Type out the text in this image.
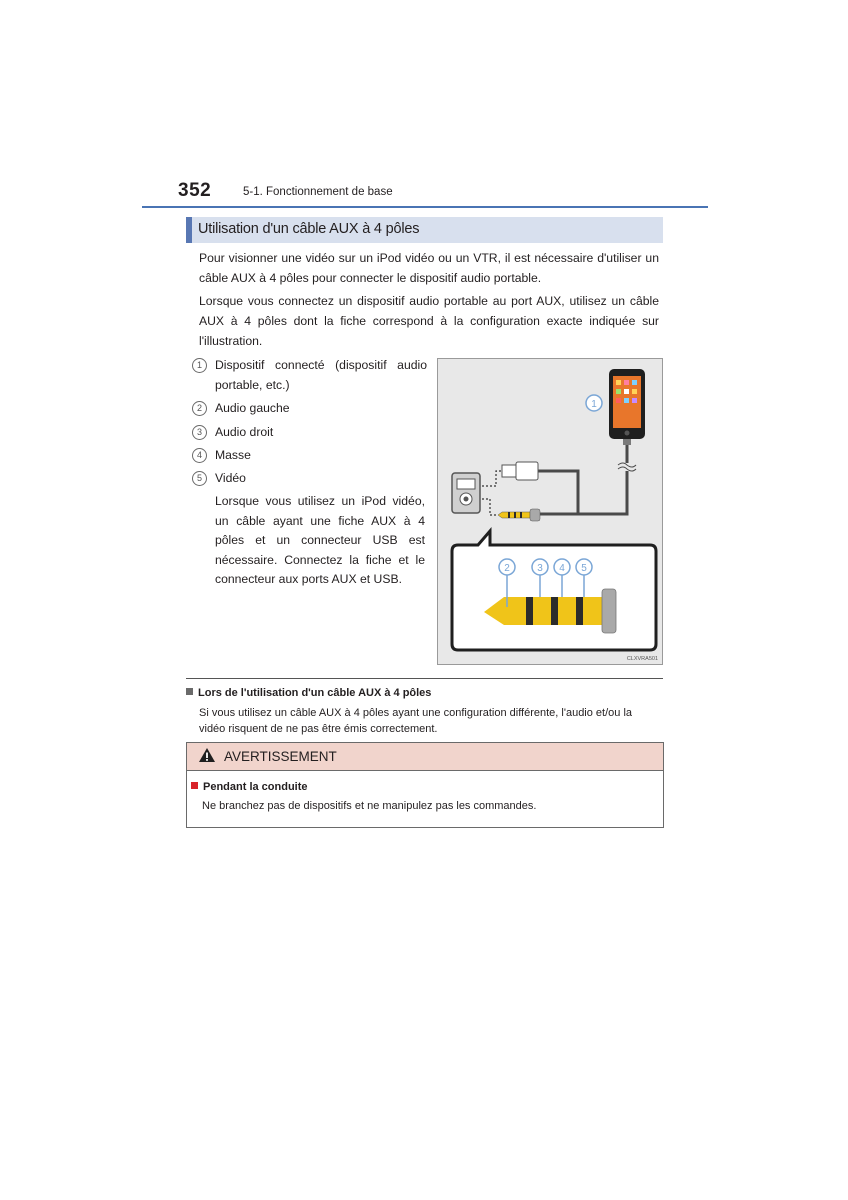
352	5-1. Fonctionnement de base
Utilisation d'un câble AUX à 4 pôles

Pour visionner une vidéo sur un iPod vidéo ou un VTR, il est nécessaire d'utiliser un câble AUX à 4 pôles pour connecter le dispositif audio portable.

Lorsque vous connectez un dispositif audio portable au port AUX, utilisez un câble AUX à 4 pôles dont la fiche correspond à la configuration exacte indiquée sur l'illustration.

1	Dispositif connecté (dispositif audio portable, etc.)
2	Audio gauche
3	Audio droit
4	Masse
5	Vidéo
Lorsque vous utilisez un iPod vidéo, un câble ayant une fiche AUX à 4 pôles et un connecteur USB est nécessaire. Connectez la fiche et le connecteur aux ports AUX et USB.
1
2	3 4 5
CLXVRA501
Lors de l'utilisation d'un câble AUX à 4 pôles
Si vous utilisez un câble AUX à 4 pôles ayant une configuration différente, l'audio et/ou la vidéo risquent de ne pas être émis correctement.
AVERTISSEMENT
Pendant la conduite
Ne branchez pas de dispositifs et ne manipulez pas les commandes.
